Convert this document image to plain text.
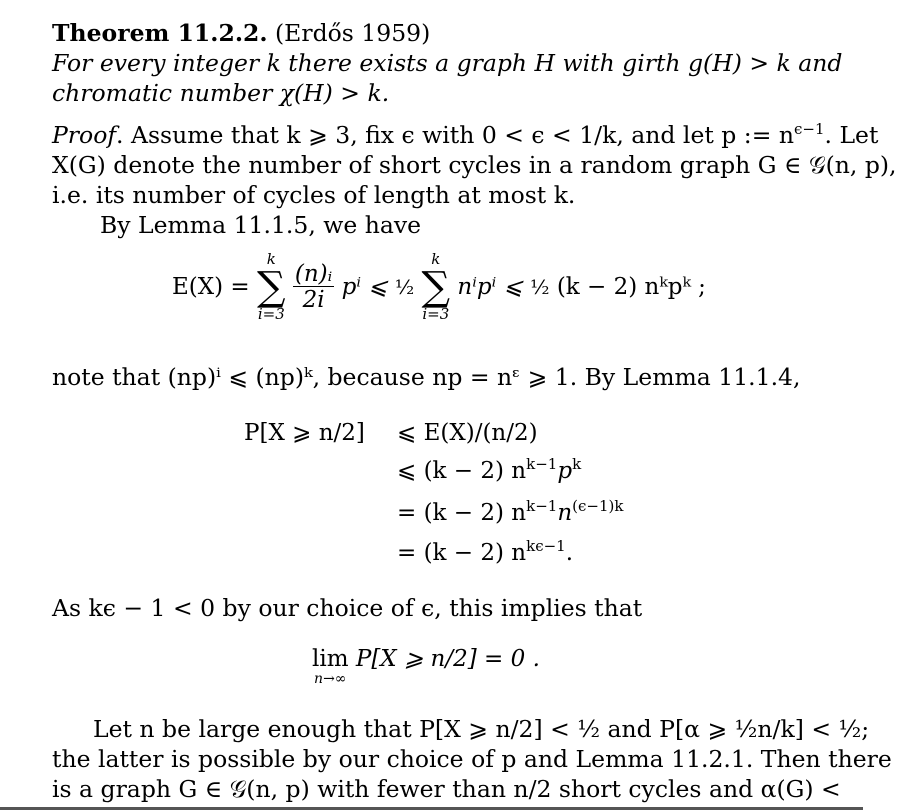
Theorem 11.2.2. (Erdős 1959)
For every integer k there exists a graph H with girth g(H) > k and
chromatic number χ(H) > k.
Proof. Assume that k ⩾ 3, fix ϵ with 0 < ϵ < 1/k, and let p := $n^{\epsilon-1}$. Let
X(G) denote the number of short cycles in a random graph G ∈ 𝒢(n, p),
i.e. its number of cycles of length at most k.
By Lemma 11.1.5, we have
E(X) =
k
∑
i=3

$\frac{\text{(n)ᵢ}}{2i}$ pⁱ ⩽ ½
k
∑
i=3
nⁱpⁱ ⩽ ½ (k − 2) nᵏpᵏ ;
note that (np)ⁱ ⩽ (np)ᵏ, because np = nᵋ ⩾ 1. By Lemma 11.1.4,
P[X ⩾ n/2] ⩽ E(X)/(n/2)
⩽ (k − 2) $n^{k-1}p^k$
= (k − 2) $n^{k-1}n^{(\epsilon-1)k}$
= (k − 2) $n^{k\epsilon-1}$.
As kϵ − 1 < 0 by our choice of ϵ, this implies that
lim
n→∞
P[X ⩾ n/2] = 0 .
Let n be large enough that P[X ⩾ n/2] < ½ and P[α ⩾ ½n/k] < ½;
the latter is possible by our choice of p and Lemma 11.2.1. Then there
is a graph G ∈ 𝒢(n, p) with fewer than n/2 short cycles and α(G) <
